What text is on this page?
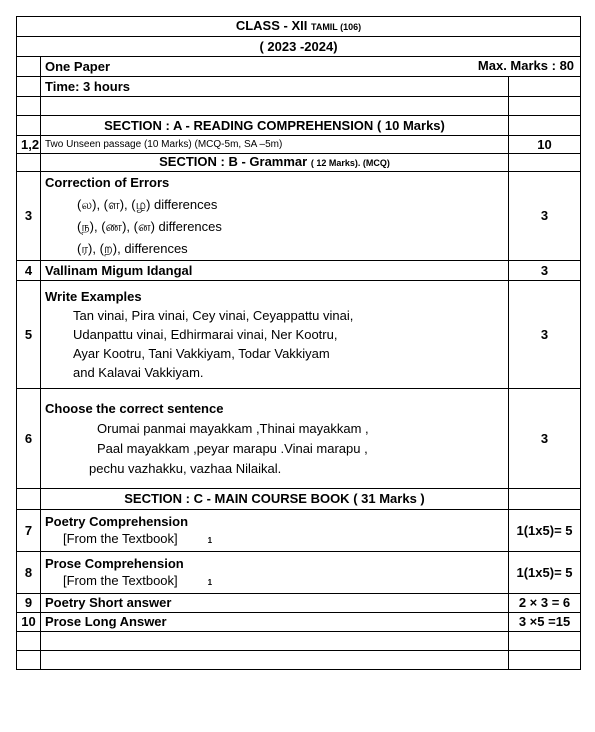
CLASS - XII TAMIL (106)		
( 2023 -2024)		
	One Paper Max. Marks : 80	

	Time: 3 hours	

	SECTION : A - READING COMPREHENSION ( 10 Marks)	
1,2	Two Unseen passage (10 Marks) (MCQ-5m, SA –5m)	10
	SECTION : B - Grammar ( 12 Marks). (MCQ)	
3	Correction of Errors
(ல), (ள), (ழ) differences
(ந), (ண), (ன) differences
(ர), (ற), differences	3
4	Vallinam Migum Idangal	3
5	Write Examples
Tan vinai, Pira vinai, Cey vinai, Ceyappattu vinai,
Udanpattu vinai, Edhirmarai vinai, Ner Kootru,
Ayar Kootru, Tani Vakkiyam, Todar Vakkiyam
and Kalavai Vakkiyam.	3
6	Choose the correct sentence
Orumai panmai mayakkam ,Thinai mayakkam ,
Paal mayakkam ,peyar marapu .Vinai marapu ,
pechu vazhakku, vazhaa Nilaikal.	3
	SECTION : C - MAIN COURSE BOOK ( 31 Marks )	
7	Poetry Comprehension
[From the Textbook] 1	1(1x5)= 5
8	Prose Comprehension
[From the Textbook] 1	1(1x5)= 5
9	Poetry Short answer	2 × 3 = 6
10	Prose Long Answer	3 ×5 =15
